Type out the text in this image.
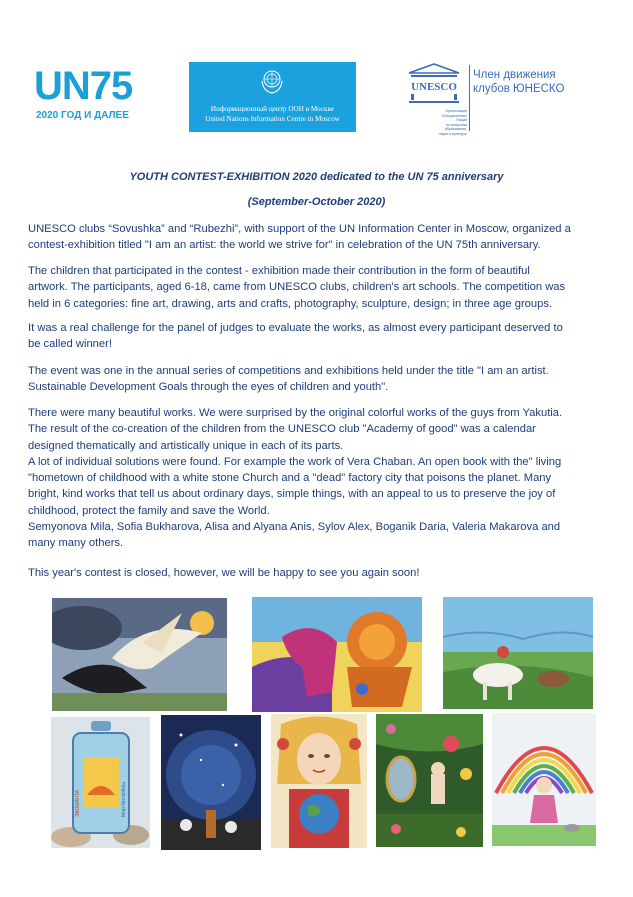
UN75
2020 ГОД И ДАЛЕЕ
Информационный центр ООН в Москве
United Nations Information Centre in Moscow
UNESCO
Член движения
клубов ЮНЕСКО
Организация
Объединенных Наций
по вопросам образования,
науки и культуры
YOUTH CONTEST-EXHIBITION 2020 dedicated to the UN 75 anniversary
(September-October 2020)
UNESCO clubs “Sovushka” and “Rubezhi”, with support of the UN Information Center in Moscow, organized a
contest-exhibition titled "I am an artist: the world we strive for" in celebration of the UN 75th anniversary.
The children that participated in the contest - exhibition made their contribution in the form of beautiful
artwork. The participants, aged 6-18, came from UNESCO clubs, children's art schools. The competition was
held in 6 categories: fine art, drawing, arts and crafts, photography, sculpture, design; in three age groups.
It was a real challenge for the panel of judges to evaluate the works, as almost every participant deserved to
be called winner!
The event was one in the annual series of competitions and exhibitions held under the title "I am an artist.
Sustainable Development Goals through the eyes of children and youth".
There were many beautiful works. We were surprised by the original colorful works of the guys from Yakutia.
The result of the co-creation of the children from the UNESCO club "Academy of good" was a calendar
designed thematically and artistically unique in each of its parts.
A lot of individual solutions were found. For example the work of Vera Chaban. An open book with the" living
"hometown of childhood with a white stone Church and a "dead" factory city that poisons the planet. Many
bright, kind works that tell us about ordinary days, simple things, with an appeal to us to preserve the joy of
childhood, protect the family and save the World.
Semyonova Mila, Sofia Bukharova, Alisa and Alyana Anis, Sylov Alex, Boganik Daria, Valeria Makarova and
many many others.
This year's contest is closed, however, we will be happy to see you again soon!
ЭКОМАЧТА	Мир без войны
